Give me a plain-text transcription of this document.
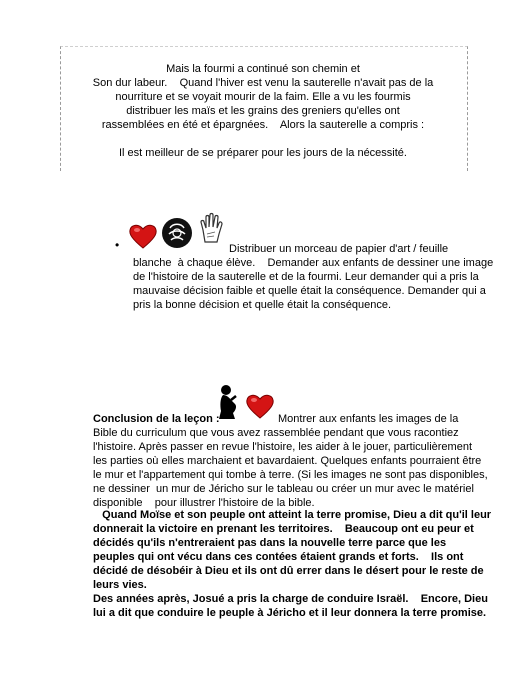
Mais la fourmi a continué son chemin et
Son dur labeur.    Quand l'hiver est venu la sauterelle n'avait pas de la
nourriture et se voyait mourir de la faim. Elle a vu les fourmis
distribuer les maïs et les grains des greniers qu'elles ont
rassemblées en été et épargnées.    Alors la sauterelle a compris :
Il est meilleur de se préparer pour les jours de la nécessité.
•	Distribuer un morceau de papier d'art / feuille
blanche  à chaque élève.    Demander aux enfants de dessiner une image
de l'histoire de la sauterelle et de la fourmi. Leur demander qui a pris la
mauvaise décision faible et quelle était la conséquence. Demander qui a
pris la bonne décision et quelle était la conséquence.
Conclusion de la leçon :	Montrer aux enfants les images de la
Bible du curriculum que vous avez rassemblée pendant que vous racontiez
l'histoire. Après passer en revue l'histoire, les aider à le jouer, particulièrement
les parties où elles marchaient et bavardaient. Quelques enfants pourraient être
le mur et l'appartement qui tombe à terre. (Si les images ne sont pas disponibles,
ne dessiner  un mur de Jéricho sur le tableau ou créer un mur avec le matériel
disponible    pour illustrer l'histoire de la bible.
Quand Moïse et son peuple ont atteint la terre promise, Dieu a dit qu'il leur
donnerait la victoire en prenant les territoires.    Beaucoup ont eu peur et
décidés qu'ils n'entreraient pas dans la nouvelle terre parce que les
peuples qui ont vécu dans ces contées étaient grands et forts.    Ils ont
décidé de désobéir à Dieu et ils ont dû errer dans le désert pour le reste de
leurs vies.
Des années après, Josué a pris la charge de conduire Israël.    Encore, Dieu
lui a dit que conduire le peuple à Jéricho et il leur donnera la terre promise.
